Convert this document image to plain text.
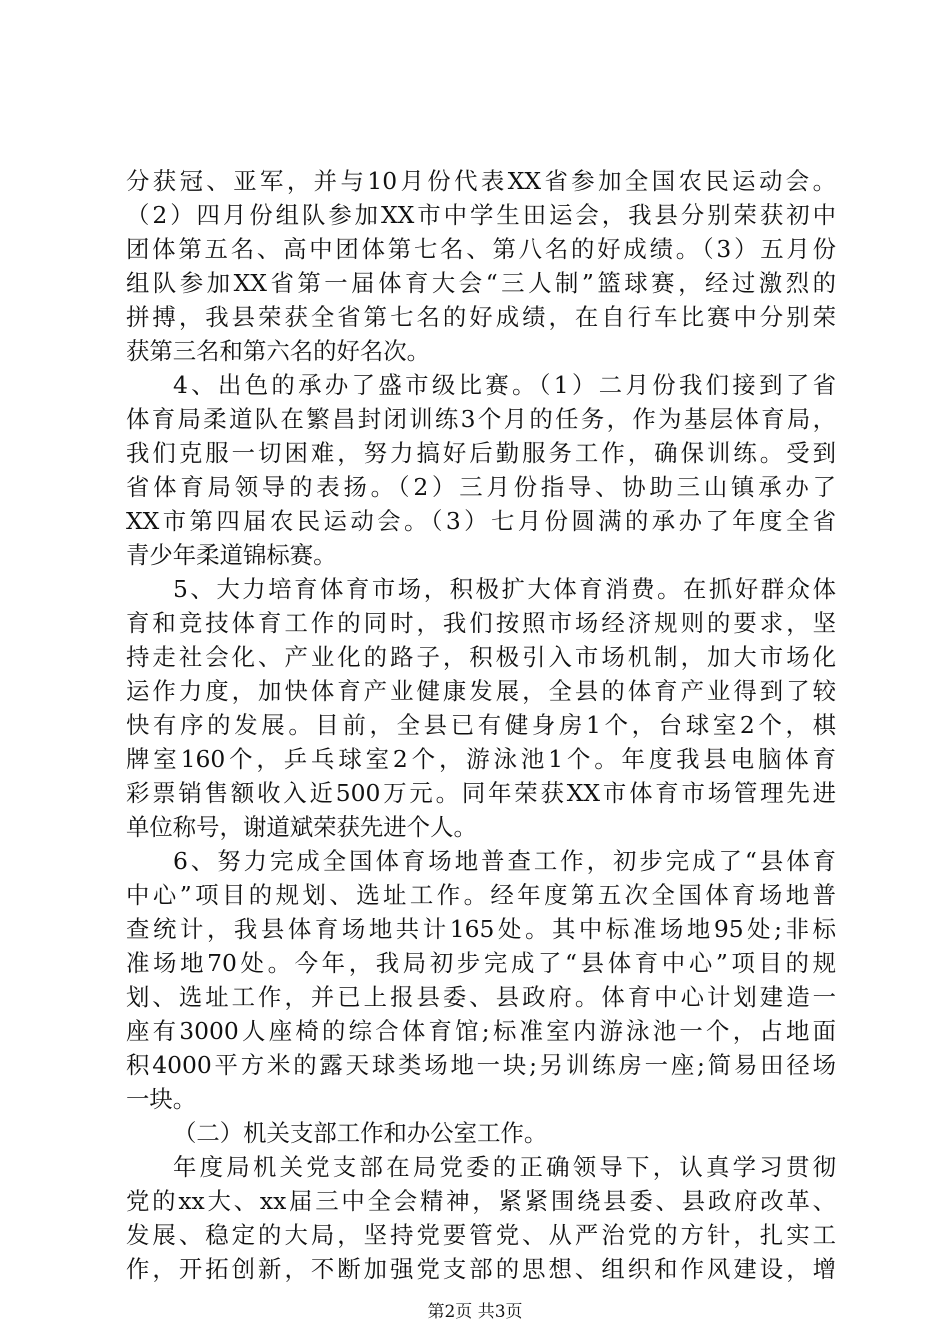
分获冠、亚军，并与10月份代表XX省参加全国农民运动会。
（2）四月份组队参加XX市中学生田运会，我县分别荣获初中
团体第五名、高中团体第七名、第八名的好成绩。（3）五月份
组队参加XX省第一届体育大会“三人制”篮球赛，经过激烈的
拼搏，我县荣获全省第七名的好成绩，在自行车比赛中分别荣
获第三名和第六名的好名次。
4、出色的承办了盛市级比赛。（1）二月份我们接到了省
体育局柔道队在繁昌封闭训练3个月的任务，作为基层体育局，
我们克服一切困难，努力搞好后勤服务工作，确保训练。受到
省体育局领导的表扬。（2）三月份指导、协助三山镇承办了
XX市第四届农民运动会。（3）七月份圆满的承办了年度全省
青少年柔道锦标赛。
5、大力培育体育市场，积极扩大体育消费。在抓好群众体
育和竞技体育工作的同时，我们按照市场经济规则的要求，坚
持走社会化、产业化的路子，积极引入市场机制，加大市场化
运作力度，加快体育产业健康发展，全县的体育产业得到了较
快有序的发展。目前，全县已有健身房1个，台球室2个，棋
牌室160个，乒乓球室2个，游泳池1个。年度我县电脑体育
彩票销售额收入近500万元。同年荣获XX市体育市场管理先进
单位称号，谢道斌荣获先进个人。
6、努力完成全国体育场地普查工作，初步完成了“县体育
中心”项目的规划、选址工作。经年度第五次全国体育场地普
查统计，我县体育场地共计165处。其中标准场地95处;非标
准场地70处。今年，我局初步完成了“县体育中心”项目的规
划、选址工作，并已上报县委、县政府。体育中心计划建造一
座有3000人座椅的综合体育馆;标准室内游泳池一个，占地面
积4000平方米的露天球类场地一块;另训练房一座;简易田径场
一块。
（二）机关支部工作和办公室工作。
年度局机关党支部在局党委的正确领导下，认真学习贯彻
党的xx大、xx届三中全会精神，紧紧围绕县委、县政府改革、
发展、稳定的大局，坚持党要管党、从严治党的方针，扎实工
作，开拓创新，不断加强党支部的思想、组织和作风建设，增
第2页 共3页
